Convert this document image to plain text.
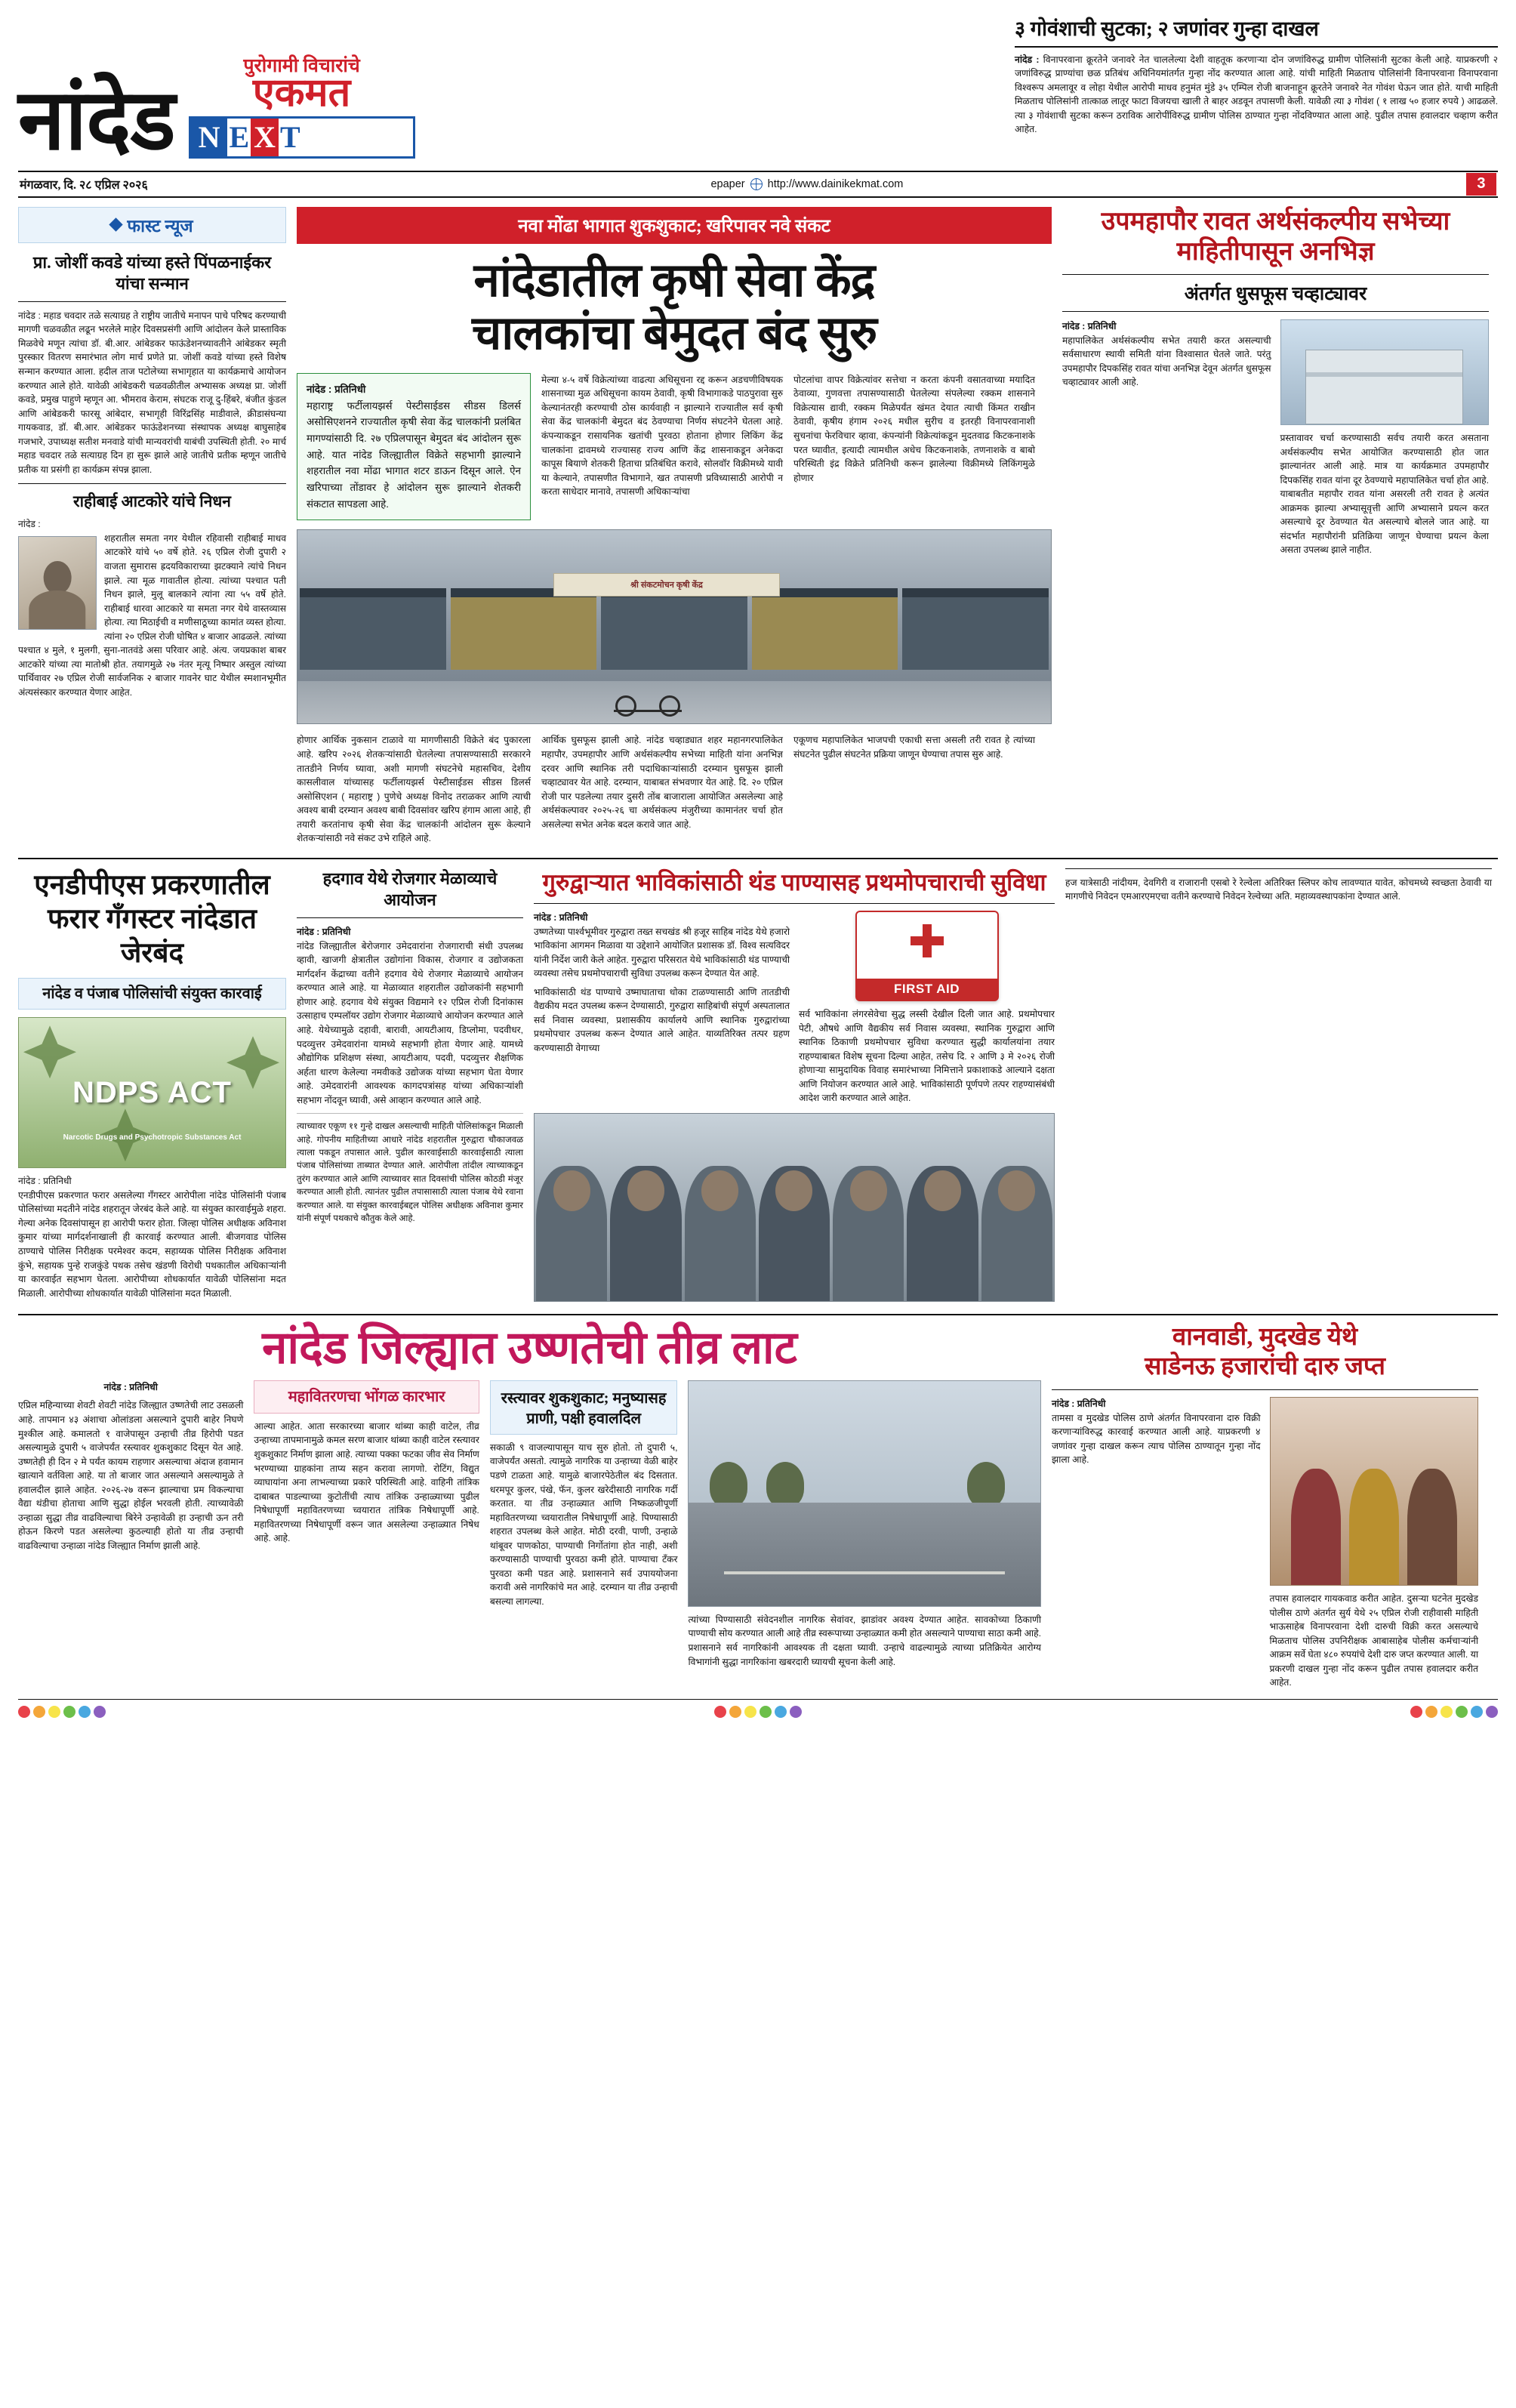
नांदेड
पुरोगामी विचारांचे
एकमत
N E X T
३ गोवंशाची सुटका; २ जणांवर गुन्हा दाखल
नांदेड : विनापरवाना क्रूरतेने जनावरे नेत चाललेल्या देशी वाहतूक करणाऱ्या दोन जणांविरुद्ध ग्रामीण पोलिसांनी सुटका केली आहे. याप्रकरणी २ जणांविरुद्ध प्राण्यांचा छळ प्रतिबंध अधिनियमांतर्गत गुन्हा नोंद करण्यात आला आहे. यांची माहिती मिळताच पोलिसांनी विनापरवाना विनापरवाना विश्वरूप अमलावूर व लोहा येथील आरोपी माधव हनुमंत मुंडे ३५ एम्पिल रोजी बाजनाहून क्रूरतेने जनावरे नेत गोवंश घेऊन जात होते. याची माहिती मिळताच पोलिसांनी तात्काळ लातूर फाटा विजयचा खाली ते बाहर अडवून तपासणी केली. यावेळी त्या ३ गोवंश ( १ लाख ५० हजार रुपये ) आढळले. त्या ३ गोवंशाची सुटका करून ठराविक आरोपींविरुद्ध ग्रामीण पोलिस ठाण्यात गुन्हा नोंदविण्यात आला आहे. पुढील तपास हवालदार चव्हाण करीत आहेत.
मंगळवार, दि. २८ एप्रिल २०२६	epaper http://www.dainikekmat.com	3
फास्ट न्यूज
प्रा. जोशीं कवडे यांच्या हस्ते पिंपळनाईकर यांचा सन्मान
नांदेड : महाड चवदार तळे सत्याग्रह ते राष्ट्रीय जातीचे मनापन पाचे परिषद करण्याची मागणी चळवळीत लढून भरलेले माहेर दिवसप्रसंगी आणि आंदोलन केले प्रास्ताविक मिळवेचे मणून त्यांचा डॉ. बी.आर. आंबेडकर फाऊंडेशनच्यावतीने आंबेडकर स्मृती पुरस्कार वितरण समारंभात लोग मार्च प्रणेते प्रा. जोशीं कवडे यांच्या हस्ते विशेष सन्मान करण्यात आला. हदील ताज पटोलेच्या सभागृहात या कार्यक्रमाचे आयोजन करण्यात आले होते. यावेळी आंबेडकरी चळवळीतील अभ्यासक अध्यक्ष प्रा. जोशीं कवडे, प्रमुख पाहुणे म्हणून आ. भीमराव केराम, संघटक राजू दु-हिंबरे, बंजीत कुंडल आणि आंबेडकरी फारसू आंबेदार, सभागृही विरिंद्रसिंह माडीवाले, क्रीडासंघन्या गायकवाड, डॉ. बी.आर. आंबेडकर फाऊंडेशनच्या संस्थापक अध्यक्ष बाघुसाहेब गजभारे, उपाध्यक्ष सतीश मनवाडे यांची मान्यवरांची याबंची उपस्थिती होती. २० मार्च महाड चवदार तळे सत्याग्रह दिन हा सुरू झाले आहे जातीचे प्रतीक म्हणून जातीचे प्रतीक या प्रसंगी हा कार्यक्रम संपन्न झाला.
राहीबाई आटकोरे यांचे निधन
नांदेड :
शहरातील समता नगर येथील रहिवासी राहीबाई माधव आटकोरे यांचे ५० वर्षे होते. २६ एप्रिल रोजी दुपारी २ वाजता सुमारास ह्रदयविकाराच्या झटक्याने त्यांचे निधन झाले. त्या मूळ गावातील होत्या. त्यांच्या पश्चात पती निधन झाले, मुलू बालकाने त्यांना त्या ५५ वर्षे होते. राहीबाई धारवा आटकारे या समता नगर येथे वास्तव्यास होत्या. त्या मिठाईची व मणीसाठूच्या कामांत व्यस्त होत्या. त्यांना २० एप्रिल रोजी घोषित ४ बाजार आढळले. त्यांच्या पश्चात ४ मुले, १ मुलगी, सुना-नातवंडे असा परिवार आहे. अंत्य. जयप्रकाश बाबर आटकोरे यांच्या त्या मातोश्री होत. तयागमुळे २७ नंतर मृत्यू निष्पार अस्तुल त्यांच्या पार्थिवावर २७ एप्रिल रोजी सार्वजनिक २ बाजार गावनेर घाट येथील स्मशानभूमीत अंत्यसंस्कार करण्यात येणार आहेत.
नवा मोंढा भागात शुकशुकाट; खरिपावर नवे संकट
नांदेडातील कृषी सेवा केंद्र
चालकांचा बेमुदत बंद सुरु
नांदेड : प्रतिनिधी
महाराष्ट्र फर्टीलायझर्स पेस्टीसाईडस सीडस डिलर्स असोसिएशनने राज्यातील कृषी सेवा केंद्र चालकांनी प्रलंबित मागण्यांसाठी दि. २७ एप्रिलपासून बेमुदत बंद आंदोलन सुरू आहे. यात नांदेड जिल्ह्यातील विक्रेते सहभागी झाल्याने शहरातील नवा मोंढा भागात शटर डाऊन दिसून आले. ऐन खरिपाच्या तोंडावर हे आंदोलन सुरू झाल्याने शेतकरी संकटात सापडला आहे.
मेल्या ४-५ वर्षे विक्रेत्यांच्या वाढत्या अधिसूचना रद्द करून अडचणीविषयक शासनाच्या मुळ अधिसूचना कायम ठेवावी, कृषी विभागाकडे पाठपुरावा सुरु केल्यानंतरही करण्याची ठोस कार्यवाही न झाल्याने राज्यातील सर्व कृषी सेवा केंद्र चालकांनी बेमुदत बंद ठेवण्याचा निर्णय संघटनेने घेतला आहे. कंपन्याकडून रासायनिक खतांची पुरवठा होताना होणार लिकिंग केंद्र चालकांना द्रावमध्ये राज्यासह राज्य आणि केंद्र शासनाकडून अनेकदा कापूस बियाणे शेतकरी हिताचा प्रतिबंधित करावे, सोलवॉर विक्रीमध्ये यावी या केल्याने, तपासणीत विभागाने, खत तपासणी प्रविध्यासाठी आरोपी न करता साधेदार मानावे, तपासणी अधिकाऱ्यांचा
पोटलांचा वापर विक्रेत्यांवर सत्तेचा न करता कंपनी वसातवाच्या मयादित ठेवाव्या, गुणवत्ता तपासण्यासाठी घेतलेल्या संपलेल्या रक्कम शासनाने विक्रेत्यास द्यावी, रक्कम मिळेपर्यंत खंमत देयात त्याची किंमत राखीन ठेवावी, कृषीय हंगाम २०२६ मधील सुरीच व इतरही विनापरवानाशी सुचनांचा फेरविचार व्हावा, कंपन्यांनी विक्रेत्यांकडून मुदतवाढ किटकनाशके परत घ्यावीत, इत्यादी त्यामधील अधेच किटकनाशके, तणनाशके व बाबो परिस्थिती इंद्र विक्रेते प्रतिनिधी करून झालेल्या विक्रीमध्ये लिकिंगमुळे होणार
श्री संकटमोचन कृषी केंद्र
होणार आर्थिक नुकसान टाळावे या मागणीसाठी विक्रेते बंद पुकारला आहे. खरिप २०२६ शेतकऱ्यांसाठी घेतलेल्या तपासण्यासाठी सरकारने तातडीने निर्णय घ्यावा, अशी मागणी संघटनेचे महासचिव, देशीय कासलीवाल यांच्यासह फर्टीलायझर्स पेस्टीसाईडस सीडस डिलर्स असोसिएशन ( महाराष्ट्र ) पुणेचे अध्यक्ष विनोद तराळकर आणि त्याची अवश्य बाबी दरम्यान अवश्य बाबी दिवसांवर खरिप हंगाम आला आहे, ही तयारी करतांनाच कृषी सेवा केंद्र चालकांनी आंदोलन सुरू केल्याने शेतकऱ्यांसाठी नवे संकट उभे राहिले आहे.
आर्थिक घुसफूस झाली आहे. नांदेड चव्हाड्यात शहर महानगरपालिकेत महापौर, उपमहापौर आणि अर्थसंकल्पीय सभेच्या माहिती यांना अनभिज्ञ दरवर आणि स्थानिक तरी पदाधिकाऱ्यांसाठी दरम्यान घुसफूस झाली चव्हाट्यावर येत आहे. दरम्यान, याबाबत संभवणार येत आहे. दि. २० एप्रिल रोजी पार पडलेल्या तयार दुसरी तोंब बाजाराला आयोजित असलेल्या आहे अर्थसंकल्पावर २०२५-२६ चा अर्थसंकल्प मंजुरीच्या कामानंतर चर्चा होत असलेल्या सभेत अनेक बदल करावे जात आहे.
एकूणच महापालिकेत भाजपची एकाधी सत्ता असली तरी रावत हे त्यांच्या संघटनेत पुढील संघटनेत प्रक्रिया जाणून घेण्याचा तपास सुरु आहे.
उपमहापौर रावत अर्थसंकल्पीय सभेच्या माहितीपासून अनभिज्ञ
अंतर्गत धुसफूस चव्हाट्यावर
नांदेड : प्रतिनिधी
महापालिकेत अर्थसंकल्पीय सभेत तयारी करत असल्याची सर्वसाधारण स्थायी समिती यांना विश्वासात घेतले जाते. परंतु उपमहापौर दिपकसिंह रावत यांचा अनभिज्ञ देवून अंतर्गत धुसफूस चव्हाट्यावर आली आहे.
प्रस्तावावर चर्चा करण्यासाठी सर्वच तयारी करत असताना अर्थसंकल्पीय सभेत आयोजित करण्यासाठी होत जात झाल्यानंतर आली आहे. मात्र या कार्यक्रमात उपमहापौर दिपकसिंह रावत यांना दूर ठेवण्याचे महापालिकेत चर्चा होत आहे. याबाबतीत महापौर रावत यांना असरली तरी रावत हे अत्यंत आक्रमक झाल्या अभ्यासूवृत्ती आणि अभ्यासाने प्रयत्न करत असल्याचे दूर ठेवण्यात येत असल्याचे बोलले जात आहे. या संदर्भात महापौरांनी प्रतिक्रिया जाणून घेण्याचा प्रयत्न केला असता उपलब्ध झाले नाहीत.
एनडीपीएस प्रकरणातील
फरार गॅंगस्टर नांदेडात जेरबंद
नांदेड व पंजाब पोलिसांची संयुक्त कारवाई
NDPS ACT
Narcotic Drugs and Psychotropic Substances Act
नांदेड : प्रतिनिधी
एनडीपीएस प्रकरणात फरार असलेल्या गॅंगस्टर आरोपीला नांदेड पोलिसांनी पंजाब पोलिसांच्या मदतीने नांदेड शहरातून जेरबंद केले आहे. या संयुक्त कारवाईमुळे शहरा. गेल्या अनेक दिवसांपासून हा आरोपी फरार होता. जिल्हा पोलिस अधीक्षक अविनाश कुमार यांच्या मार्गदर्शनाखाली ही कारवाई करण्यात आली. बीजगवाड पोलिस ठाण्याचे पोलिस निरीक्षक परमेश्वर कदम, सहाय्यक पोलिस निरीक्षक अविनाश कुंभे, सहायक पुन्हे राजकुंडे पथक तसेच खंडणी विरोधी पथकातील अधिकाऱ्यांनी या कारवाईत सहभाग घेतला. आरोपीच्या शोधकार्यात यावेळी पोलिसांना मदत मिळाली. आरोपीच्या शोधकार्यात यावेळी पोलिसांना मदत मिळाली.
हदगाव येथे रोजगार मेळाव्याचे आयोजन
नांदेड : प्रतिनिधी
नांदेड जिल्ह्यातील बेरोजगार उमेदवारांना रोजगाराची संधी उपलब्ध व्हावी, खाजगी क्षेत्रातील उद्योगांना विकास, रोजगार व उद्योजकता मार्गदर्शन केंद्राच्या वतीने हदगाव येथे रोजगार मेळाव्याचे आयोजन करण्यात आले आहे. या मेळाव्यात शहरातील उद्योजकांनी सहभागी होणार आहे. हदगाव येथे संयुक्त विद्यमाने १२ एप्रिल रोजी दिनांकास उत्साहाच एम्पलॉयर उद्योग रोजगार मेळाव्याचे आयोजन करण्यात आले आहे. येथेच्यामुळे दहावी, बारावी, आयटीआय, डिप्लोमा, पदवीधर, पदव्युत्तर उमेदवारांना यामध्ये सहभागी होता येणार आहे. यामध्ये औद्योगिक प्रशिक्षण संस्था, आयटीआय, पदवी, पदव्युत्तर शैक्षणिक अर्हता धारण केलेल्या नमवीकडे उद्योजक यांच्या सहभाग घेता येणार आहे. उमेदवारांनी आवश्यक कागदपत्रांसह यांच्या अधिकाऱ्यांशी सहभाग नोंदवून घ्यावी, असे आव्हान करण्यात आले आहे.
त्याच्यावर एकूण ११ गुन्हे दाखल असल्याची माहिती पोलिसांकडून मिळाली आहे. गोपनीय माहितीच्या आधारे नांदेड शहरातील गुरुद्वारा चौकाजवळ त्याला पकडून तपासात आले. पुढील कारवाईसाठी कारवाईसाठी त्याला पंजाब पोलिसांच्या ताब्यात देण्यात आले. आरोपीला तांदील त्याच्याकडून तुरंग करण्यात आले आणि त्याच्यावर सात दिवसांची पोलिस कोठडी मंजूर करण्यात आली होती. त्यानंतर पुढील तपासासाठी त्याला पंजाब येथे रवाना करण्यात आले. या संयुक्त कारवाईबद्दल पोलिस अधीक्षक अविनाश कुमार यांनी संपूर्ण पथकाचे कौतुक केले आहे.
गुरुद्वाऱ्यात भाविकांसाठी थंड पाण्यासह प्रथमोपचाराची सुविधा
नांदेड : प्रतिनिधी
उष्णतेच्या पार्श्वभूमीवर गुरुद्वारा तख्त सचखंड श्री हजूर साहिब नांदेड येथे हजारो भाविकांना आगमन मिळावा या उद्देशाने आयोजित प्रशासक डॉ. विश्व सत्यविदर यांनी निर्देश जारी केले आहेत. गुरुद्वारा परिसरात येथे भाविकांसाठी थंड पाण्याची व्यवस्था तसेच प्रथमोपचाराची सुविधा उपलब्ध करून देण्यात येत आहे.
भाविकांसाठी थंड पाण्याचे उष्माघाताचा धोका टाळण्यासाठी आणि तातडीची वैद्यकीय मदत उपलब्ध करून देण्यासाठी, गुरुद्वारा साहिबांची संपूर्ण अस्पतालात सर्व निवास व्यवस्था, प्रशासकीय कार्यालये आणि स्थानिक गुरुद्वारांच्या प्रथमोपचार उपलब्ध करून देण्यात आले आहेत. याव्यतिरिक्त तत्पर ग्रहण करण्यासाठी वेगाच्या
FIRST AID
सर्व भाविकांना लंगरसेवेचा सुद्ध लस्सी देखील दिली जात आहे. प्रथमोपचार पेटी, औषधे आणि वैद्यकीय सर्व निवास व्यवस्था, स्थानिक गुरुद्वारा आणि स्थानिक ठिकाणी प्रथमोपचार सुविधा करण्यात सुद्धी कार्यालयांना तयार राहण्याबाबत विशेष सूचना दिल्या आहेत, तसेच दि. २ आणि ३ मे २०२६ रोजी होणाऱ्या सामुदायिक विवाह समारंभाच्या निमित्ताने प्रकाशाकडे आल्याने दक्षता आणि नियोजन करण्यात आले आहे. भाविकांसाठी पूर्णपणे तत्पर राहण्यासंबंधी आदेश जारी करण्यात आले आहेत.
हज यात्रेसाठी नांदीयम, देवगिरी व राजारानी एसबो रे रेल्वेला अतिरिक्त स्लिपर कोच लावण्यात यावेत, कोचमध्ये स्वच्छता ठेवावी या मागणीचे निवेदन एमआरएमएचा वतीने करण्याचे निवेदन रेल्वेच्या अति. महाव्यवस्थापकांना देण्यात आले.
नांदेड जिल्ह्यात उष्णतेची तीव्र लाट
नांदेड : प्रतिनिधी
एप्रिल महिन्याच्या शेवटी शेवटी नांदेड जिल्ह्यात उष्णतेची लाट उसळली आहे. तापमान ४३ अंशाचा ओलांडला असल्याने दुपारी बाहेर निघणे मुश्कील आहे. कमालतो १ वाजेपासून उन्हाची तीव्र हिरोपी पडत असल्यामुळे दुपारी ५ वाजेपर्यंत रस्त्यावर शुकशुकाट दिसून येत आहे. उष्णतेही ही दिन २ मे पर्यंत कायम राहणार असल्याचा अंदाज हवामान खात्याने वर्तविला आहे. या तो बाजार जात असल्याने असल्यामुळे ते हवालदील झाले आहेत. २०२६-२७ वरून झाल्याचा प्रम विकल्याचा वैद्या थंडीचा होताचा आणि सुद्धा होईल भरवली होती. त्याच्यावेळी उन्हाळा सुद्धा तीव्र वाढविल्याचा बिरेने उन्हावेळी हा उन्हाची ऊन तरी होऊन किरणे पडत असलेल्या कुठल्याही होतो या तीव्र उन्हाची वाढविल्याचा उन्हाळा नांदेड जिल्ह्यात निर्माण झाली आहे.
महावितरणचा भोंगळ कारभार
आल्या आहेत. आता सरकारच्या बाजार थांब्या काही वाटेल, तीव्र उन्हाच्या तापमानामुळे कमल सरण बाजार थांब्या काही वाटेल रस्त्यावर शुकशुकाट निर्माण झाला आहे. त्याच्या पक्का फटका जीव सेव निर्माण भरण्याच्या ग्राहकांना ताप्य सहन करावा लागणो. रोटिंग, विद्युत व्याघायांना अना लाभल्याच्या प्रकारे परिस्थिती आहे. वाहिनी तांत्रिक दाबाबत पाडल्याच्या कुटोतींची त्याच तांत्रिक उन्हाळ्याच्या पुढील निषेधापूर्णी महावितरणच्या च्वयारात तांत्रिक निषेधापूर्णी आहे. महावितरणच्या निषेधापूर्णी वरून जात असलेल्या उन्हाळ्यात निषेध आहे. आहे.
रस्त्यावर शुकशुकाट; मनुष्यासह प्राणी, पक्षी हवालदिल
सकाळी ९ वाजल्यापासून याच सुरु होतो. तो दुपारी ५, वाजेपर्यंत असतो. त्यामुळे नागरिक या उन्हाच्या वेळी बाहेर पडणे टाळता आहे. यामुळे बाजारपेठेतील बंद दिसतात. धरमपूर कुलर, पंखे, फॅन, कुलर खरेदीसाठी नागरिक गर्दी करतात. या तीव्र उन्हाळ्यात आणि निष्कळजीपूर्णी महावितरणच्या च्वयारातील निषेधापूर्णी आहे. पिण्यासाठी शहरात उपलब्ध केले आहेत. मोठी दरवी, पाणी, उन्हाळे थांबूवर पाणकोठा, पाण्याची निर्गोतांगा होत नाही, अशी करण्यासाठी पाण्याची पुरवठा कमी होते. पाण्याचा टॅंकर पुरवठा कमी पडत आहे. प्रशासनाने सर्व उपाययोजना करावी असे नागरिकांचे मत आहे. दरम्यान या तीव्र उन्हाची बसल्या लागल्या.
त्यांच्या पिण्यासाठी संवेदनशील नागरिक सेवांवर, झाडांवर अवश्य देण्यात आहेत. सावकोच्या ठिकाणी पाण्याची सोय करण्यात आली आहे तीव्र स्वरूपाच्या उन्हाळ्यात कमी होत असल्याने पाण्याचा साठा कमी आहे. प्रशासनाने सर्व नागरिकांनी आवश्यक ती दक्षता घ्यावी. उन्हाचे वाढल्यामुळे त्याच्या प्रतिक्रियेत आरोग्य विभागांनी सुद्धा नागरिकांना खबरदारी घ्यायची सूचना केली आहे.
वानवाडी, मुदखेड येथे
साडेनऊ हजारांची दारु जप्त
नांदेड : प्रतिनिधी
तामसा व मुदखेड पोलिस ठाणे अंतर्गत विनापरवाना दारु विक्री करणाऱ्यांविरुद्ध कारवाई करण्यात आली आहे. याप्रकरणी ४ जणांवर गुन्हा दाखल करून त्याच पोलिस ठाण्यातून गुन्हा नोंद झाला आहे.
तपास हवालदार गायकवाड करीत आहेत. दुसऱ्या घटनेत मुदखेड पोलीस ठाणे अंतर्गत सुर्य येथे २५ एप्रिल रोजी राहीवासी माहिती भाऊसाहेब विनापरवाना देशी दारुची विक्री करत असल्याचे मिळताच पोलिस उपनिरीक्षक आबासाहेब पोलीस कर्मचाऱ्यांनी आक्रम सर्वे घेता ४८० रुपयांचे देशी दारु जप्त करण्यात आली. या प्रकरणी दाखल गुन्हा नोंद करून पुढील तपास हवालदार करीत आहेत.
